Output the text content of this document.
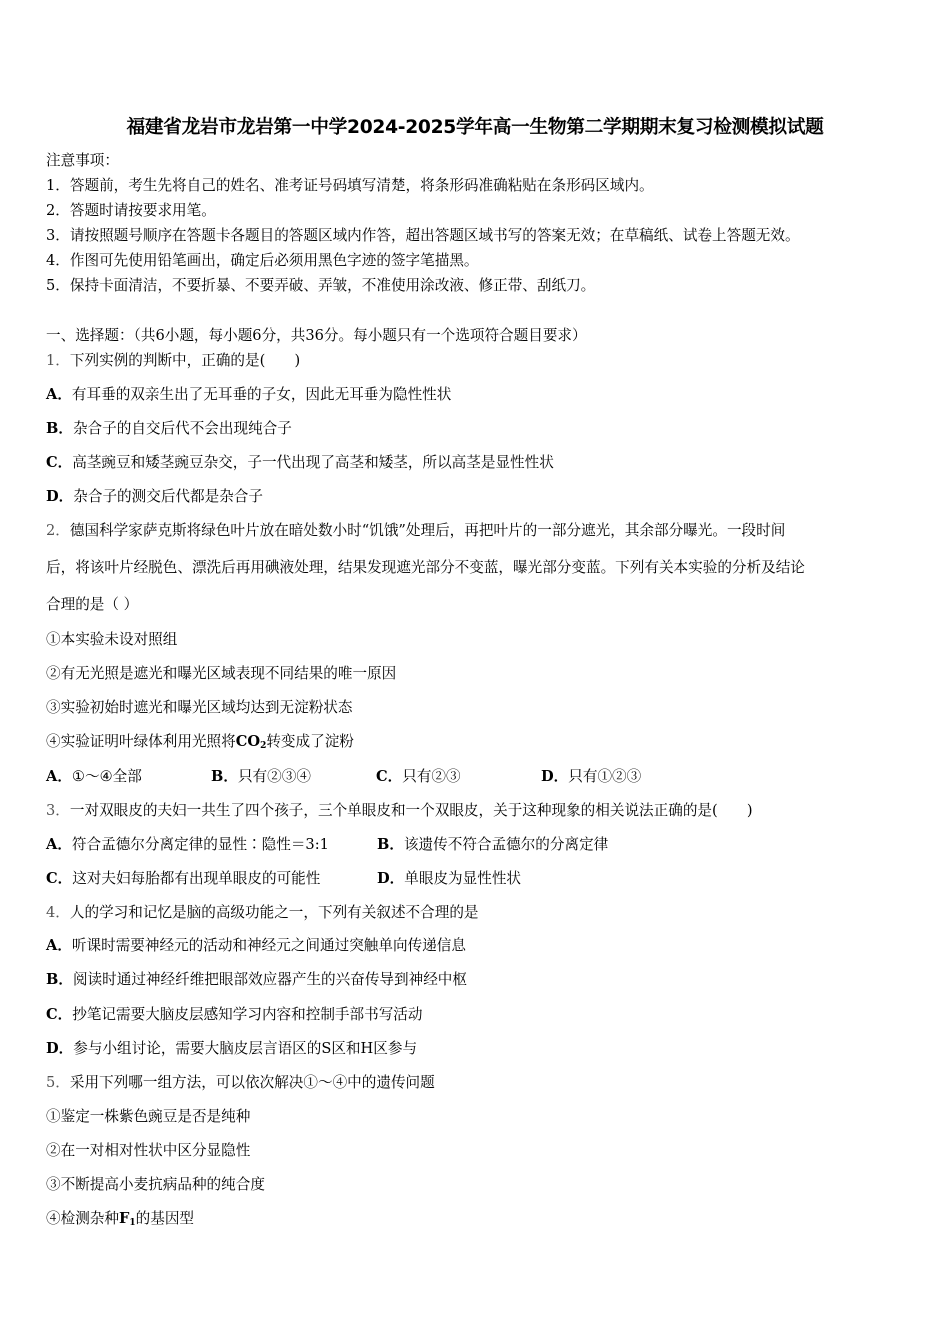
福建省龙岩市龙岩第一中学2024-2025学年高一生物第二学期期末复习检测模拟试题
注意事项：
1．答题前，考生先将自己的姓名、准考证号码填写清楚，将条形码准确粘贴在条形码区域内。
2．答题时请按要求用笔。
3．请按照题号顺序在答题卡各题目的答题区域内作答，超出答题区域书写的答案无效；在草稿纸、试卷上答题无效。
4．作图可先使用铅笔画出，确定后必须用黑色字迹的签字笔描黑。
5．保持卡面清洁，不要折暴、不要弄破、弄皱，不准使用涂改液、修正带、刮纸刀。
一、选择题：（共6小题，每小题6分，共36分。每小题只有一个选项符合题目要求）
1．下列实例的判断中，正确的是(　　)
A．有耳垂的双亲生出了无耳垂的子女，因此无耳垂为隐性性状
B．杂合子的自交后代不会出现纯合子
C．高茎豌豆和矮茎豌豆杂交，子一代出现了高茎和矮茎，所以高茎是显性性状
D．杂合子的测交后代都是杂合子
2．德国科学家萨克斯将绿色叶片放在暗处数小时“饥饿”处理后，再把叶片的一部分遮光，其余部分曝光。一段时间
后，将该叶片经脱色、漂洗后再用碘液处理，结果发现遮光部分不变蓝，曝光部分变蓝。下列有关本实验的分析及结论
合理的是（ ）
①本实验未设对照组
②有无光照是遮光和曝光区域表现不同结果的唯一原因
③实验初始时遮光和曝光区域均达到无淀粉状态
④实验证明叶绿体利用光照将$CO_2$转变成了淀粉
A．①～④全部	B．只有②③④	C．只有②③	D．只有①②③
3．一对双眼皮的夫妇一共生了四个孩子，三个单眼皮和一个双眼皮，关于这种现象的相关说法正确的是(　　)
A．符合孟德尔分离定律的显性∶隐性＝3:1	B．该遗传不符合孟德尔的分离定律
C．这对夫妇每胎都有出现单眼皮的可能性	D．单眼皮为显性性状
4．人的学习和记忆是脑的高级功能之一，下列有关叙述不合理的是
A．听课时需要神经元的活动和神经元之间通过突触单向传递信息
B．阅读时通过神经纤维把眼部效应器产生的兴奋传导到神经中枢
C．抄笔记需要大脑皮层感知学习内容和控制手部书写活动
D．参与小组讨论，需要大脑皮层言语区的S区和H区参与
5．采用下列哪一组方法，可以依次解决①～④中的遗传问题
①鉴定一株紫色豌豆是否是纯种
②在一对相对性状中区分显隐性
③不断提高小麦抗病品种的纯合度
④检测杂种$F_1$的基因型
